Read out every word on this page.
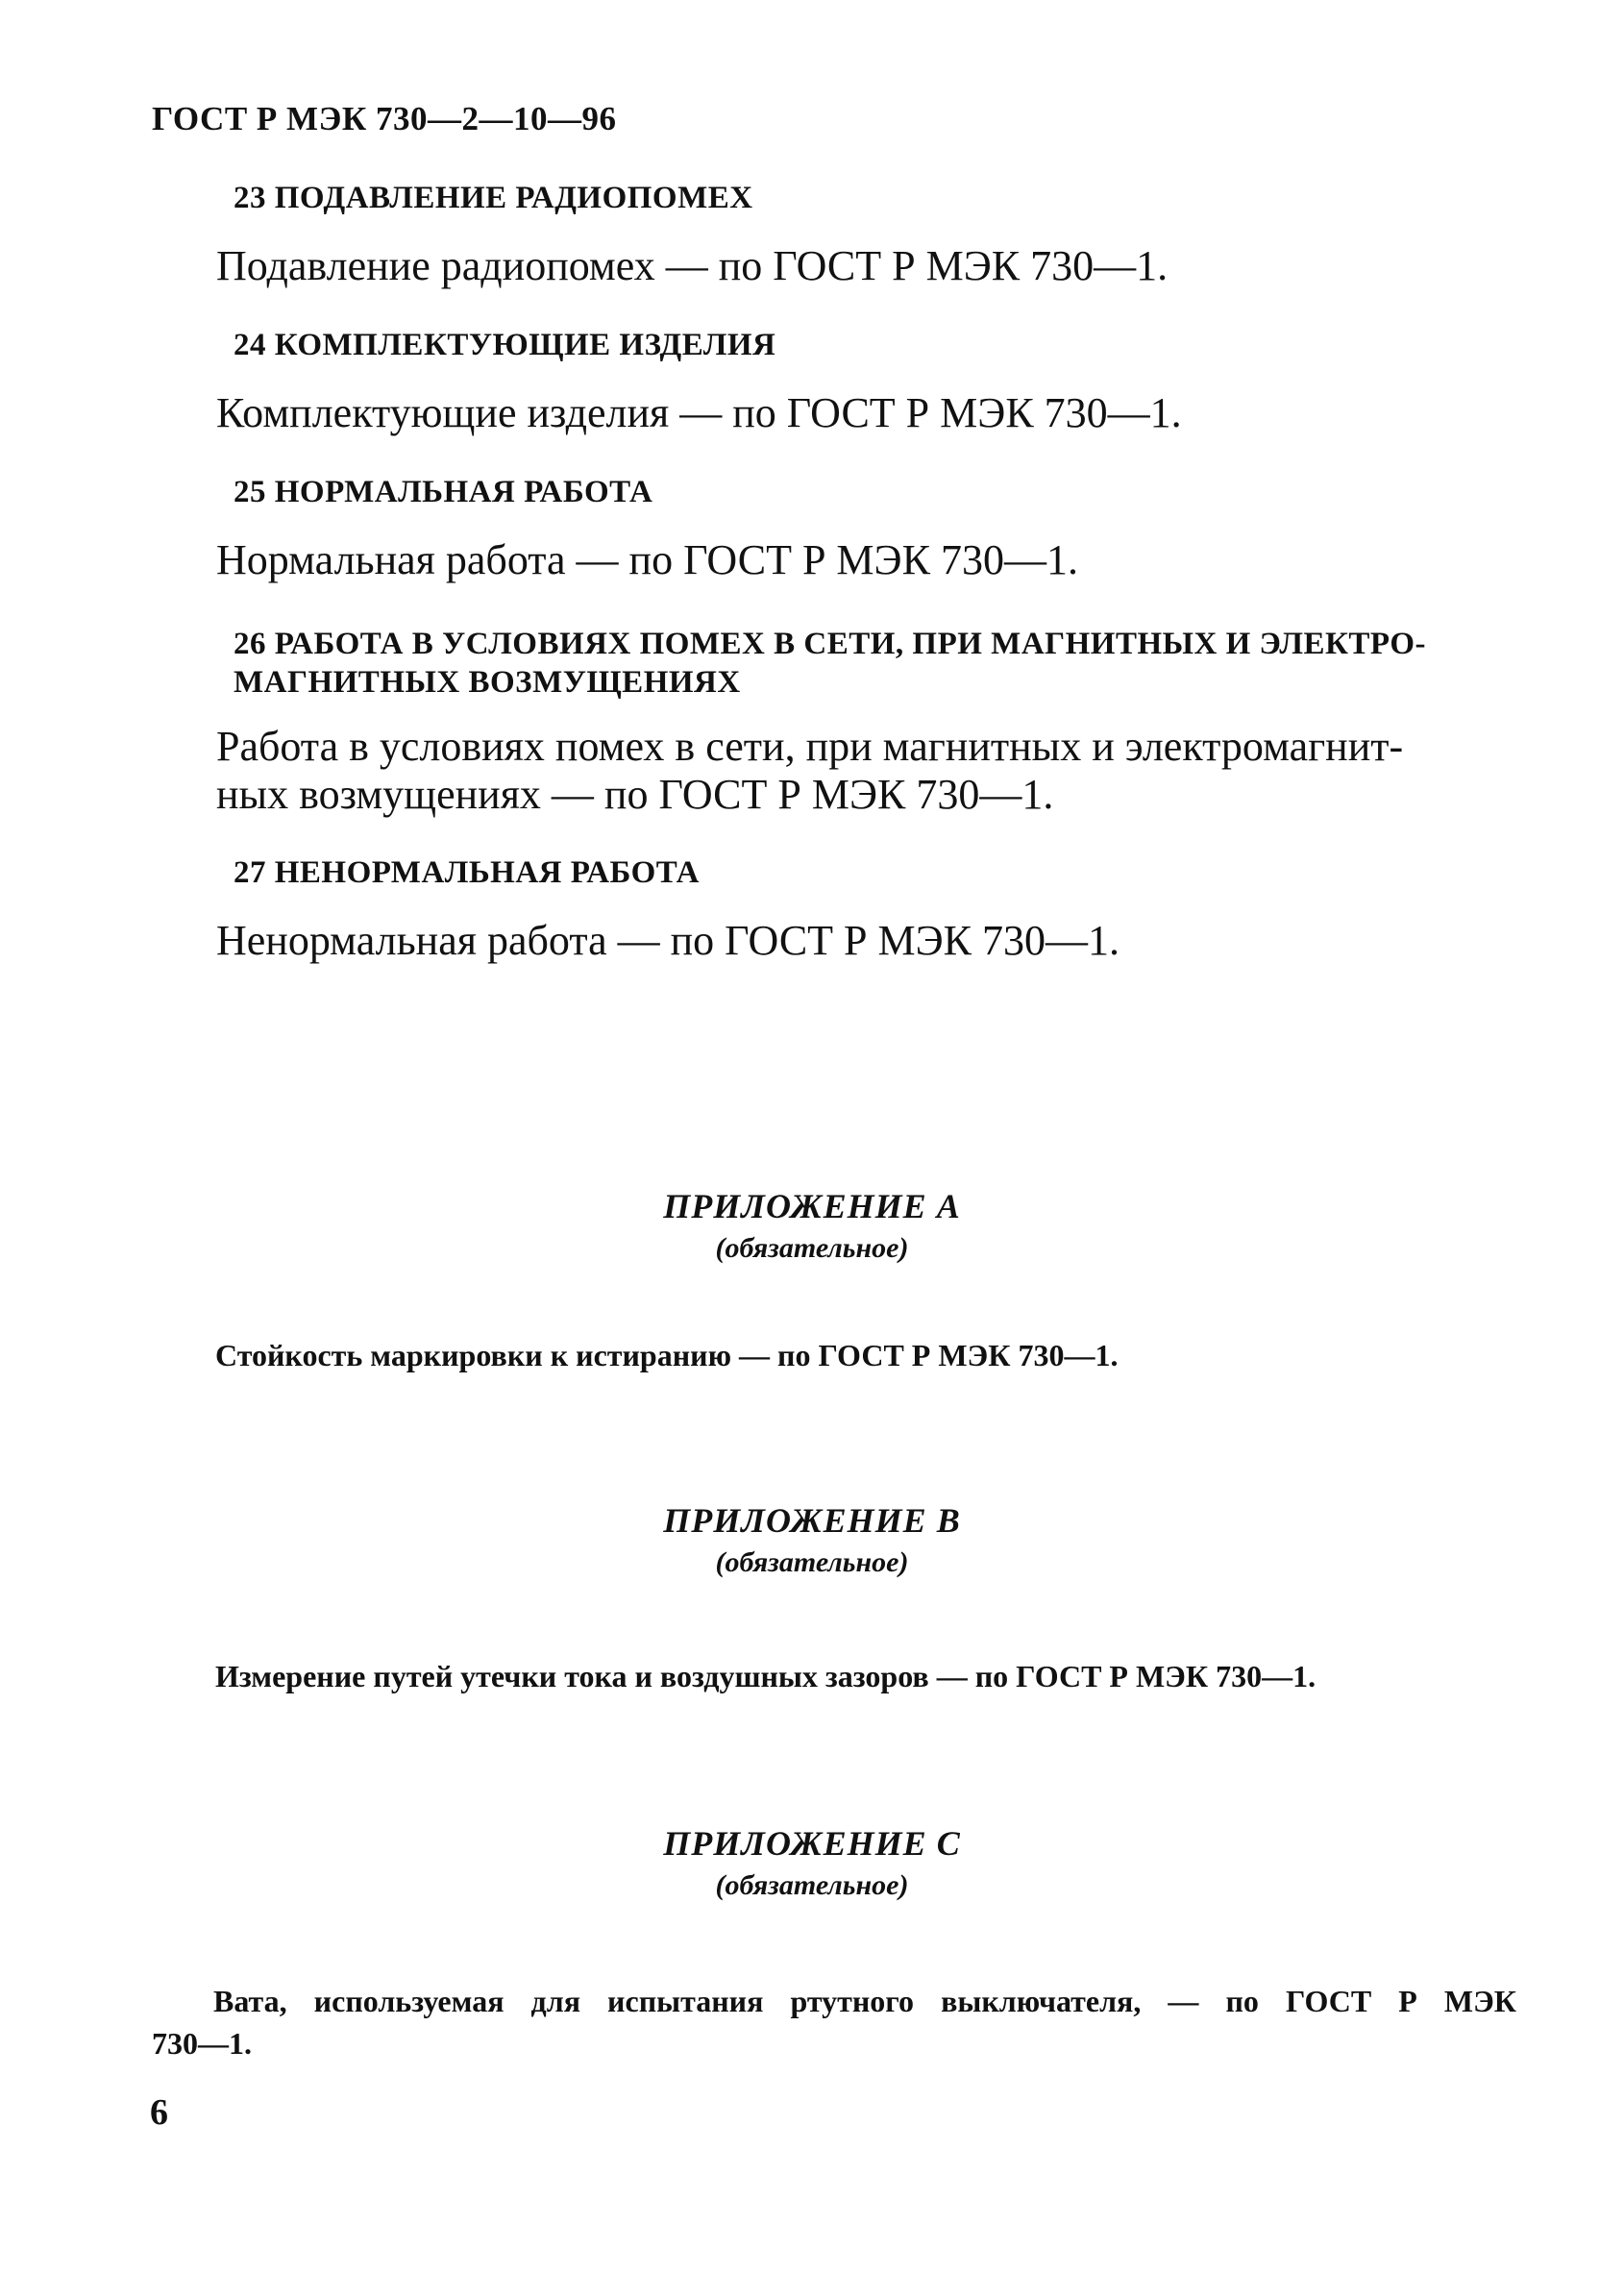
ГОСТ Р МЭК 730—2—10—96
23 ПОДАВЛЕНИЕ РАДИОПОМЕХ
Подавление радиопомех — по ГОСТ Р МЭК 730—1.
24 КОМПЛЕКТУЮЩИЕ ИЗДЕЛИЯ
Комплектующие изделия — по ГОСТ Р МЭК 730—1.
25 НОРМАЛЬНАЯ РАБОТА
Нормальная работа — по ГОСТ Р МЭК 730—1.
26 РАБОТА В УСЛОВИЯХ ПОМЕХ В СЕТИ, ПРИ МАГНИТНЫХ И ЭЛЕКТРО-
МАГНИТНЫХ ВОЗМУЩЕНИЯХ
Работа в условиях помех в сети, при магнитных и электромагнит-
ных возмущениях — по ГОСТ Р МЭК 730—1.
27 НЕНОРМАЛЬНАЯ РАБОТА
Ненормальная работа — по ГОСТ Р МЭК 730—1.
ПРИЛОЖЕНИЕ А
(обязательное)
Стойкость маркировки к истиранию — по ГОСТ Р МЭК 730—1.
ПРИЛОЖЕНИЕ В
(обязательное)
Измерение путей утечки тока и воздушных зазоров — по ГОСТ Р МЭК 730—1.
ПРИЛОЖЕНИЕ С
(обязательное)
Вата, используемая для испытания ртутного выключателя, — по ГОСТ Р МЭК
730—1.
6
